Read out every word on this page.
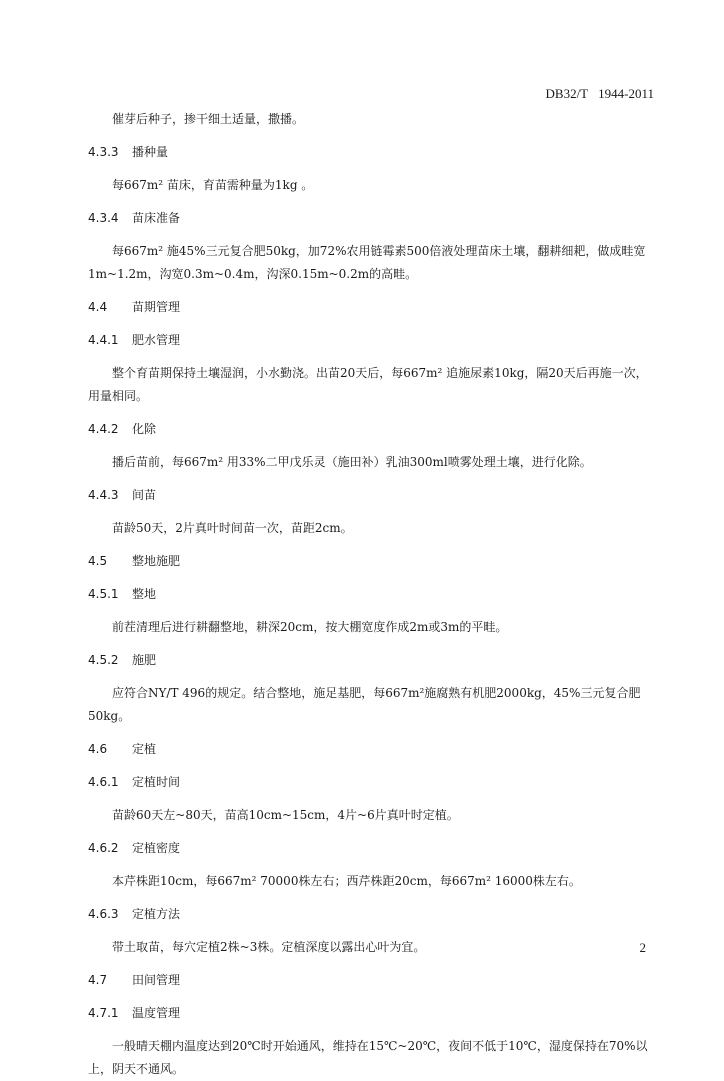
DB32/T 1944-2011

催芽后种子，掺干细土适量，撒播。

4.3.3 播种量

每667m² 苗床，育苗需种量为1kg 。

4.3.4 苗床准备

每667m² 施45%三元复合肥50kg，加72%农用链霉素500倍液处理苗床土壤，翻耕细耙，做成畦宽1m~1.2m，沟宽0.3m~0.4m，沟深0.15m~0.2m的高畦。

4.4 苗期管理
4.4.1 肥水管理

整个育苗期保持土壤湿润，小水勤浇。出苗20天后，每667m² 追施尿素10kg，隔20天后再施一次，用量相同。

4.4.2 化除

播后苗前，每667m² 用33%二甲戊乐灵（施田补）乳油300ml喷雾处理土壤，进行化除。

4.4.3 间苗

苗龄50天，2片真叶时间苗一次，苗距2cm。

4.5 整地施肥
4.5.1 整地

前茬清理后进行耕翻整地，耕深20cm，按大棚宽度作成2m或3m的平畦。

4.5.2 施肥

应符合NY/T 496的规定。结合整地，施足基肥，每667m²施腐熟有机肥2000kg，45%三元复合肥50kg。

4.6 定植
4.6.1 定植时间

苗龄60天左~80天，苗高10cm~15cm，4片~6片真叶时定植。

4.6.2 定植密度

本芹株距10cm，每667m² 70000株左右；西芹株距20cm，每667m² 16000株左右。

4.6.3 定植方法

带土取苗，每穴定植2株~3株。定植深度以露出心叶为宜。

4.7 田间管理
4.7.1 温度管理

一般晴天棚内温度达到20℃时开始通风，维持在15℃~20℃，夜间不低于10℃，湿度保持在70%以上，阴天不通风。

2
